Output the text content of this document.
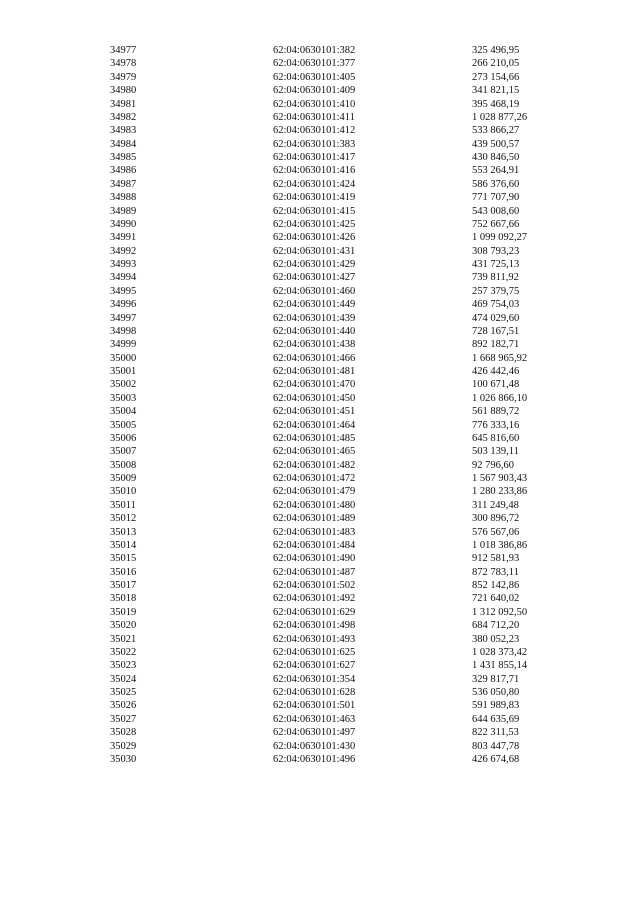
34977	62:04:0630101:382	325 496,95
34978	62:04:0630101:377	266 210,05
34979	62:04:0630101:405	273 154,66
34980	62:04:0630101:409	341 821,15
34981	62:04:0630101:410	395 468,19
34982	62:04:0630101:411	1 028 877,26
34983	62:04:0630101:412	533 866,27
34984	62:04:0630101:383	439 500,57
34985	62:04:0630101:417	430 846,50
34986	62:04:0630101:416	553 264,91
34987	62:04:0630101:424	586 376,60
34988	62:04:0630101:419	771 707,90
34989	62:04:0630101:415	543 008,60
34990	62:04:0630101:425	752 667,66
34991	62:04:0630101:426	1 099 092,27
34992	62:04:0630101:431	308 793,23
34993	62:04:0630101:429	431 725,13
34994	62:04:0630101:427	739 811,92
34995	62:04:0630101:460	257 379,75
34996	62:04:0630101:449	469 754,03
34997	62:04:0630101:439	474 029,60
34998	62:04:0630101:440	728 167,51
34999	62:04:0630101:438	892 182,71
35000	62:04:0630101:466	1 668 965,92
35001	62:04:0630101:481	426 442,46
35002	62:04:0630101:470	100 671,48
35003	62:04:0630101:450	1 026 866,10
35004	62:04:0630101:451	561 889,72
35005	62:04:0630101:464	776 333,16
35006	62:04:0630101:485	645 816,60
35007	62:04:0630101:465	503 139,11
35008	62:04:0630101:482	92 796,60
35009	62:04:0630101:472	1 567 903,43
35010	62:04:0630101:479	1 280 233,86
35011	62:04:0630101:480	311 249,48
35012	62:04:0630101:489	300 896,72
35013	62:04:0630101:483	576 567,06
35014	62:04:0630101:484	1 018 386,86
35015	62:04:0630101:490	912 581,93
35016	62:04:0630101:487	872 783,11
35017	62:04:0630101:502	852 142,86
35018	62:04:0630101:492	721 640,02
35019	62:04:0630101:629	1 312 092,50
35020	62:04:0630101:498	684 712,20
35021	62:04:0630101:493	380 052,23
35022	62:04:0630101:625	1 028 373,42
35023	62:04:0630101:627	1 431 855,14
35024	62:04:0630101:354	329 817,71
35025	62:04:0630101:628	536 050,80
35026	62:04:0630101:501	591 989,83
35027	62:04:0630101:463	644 635,69
35028	62:04:0630101:497	822 311,53
35029	62:04:0630101:430	803 447,78
35030	62:04:0630101:496	426 674,68
